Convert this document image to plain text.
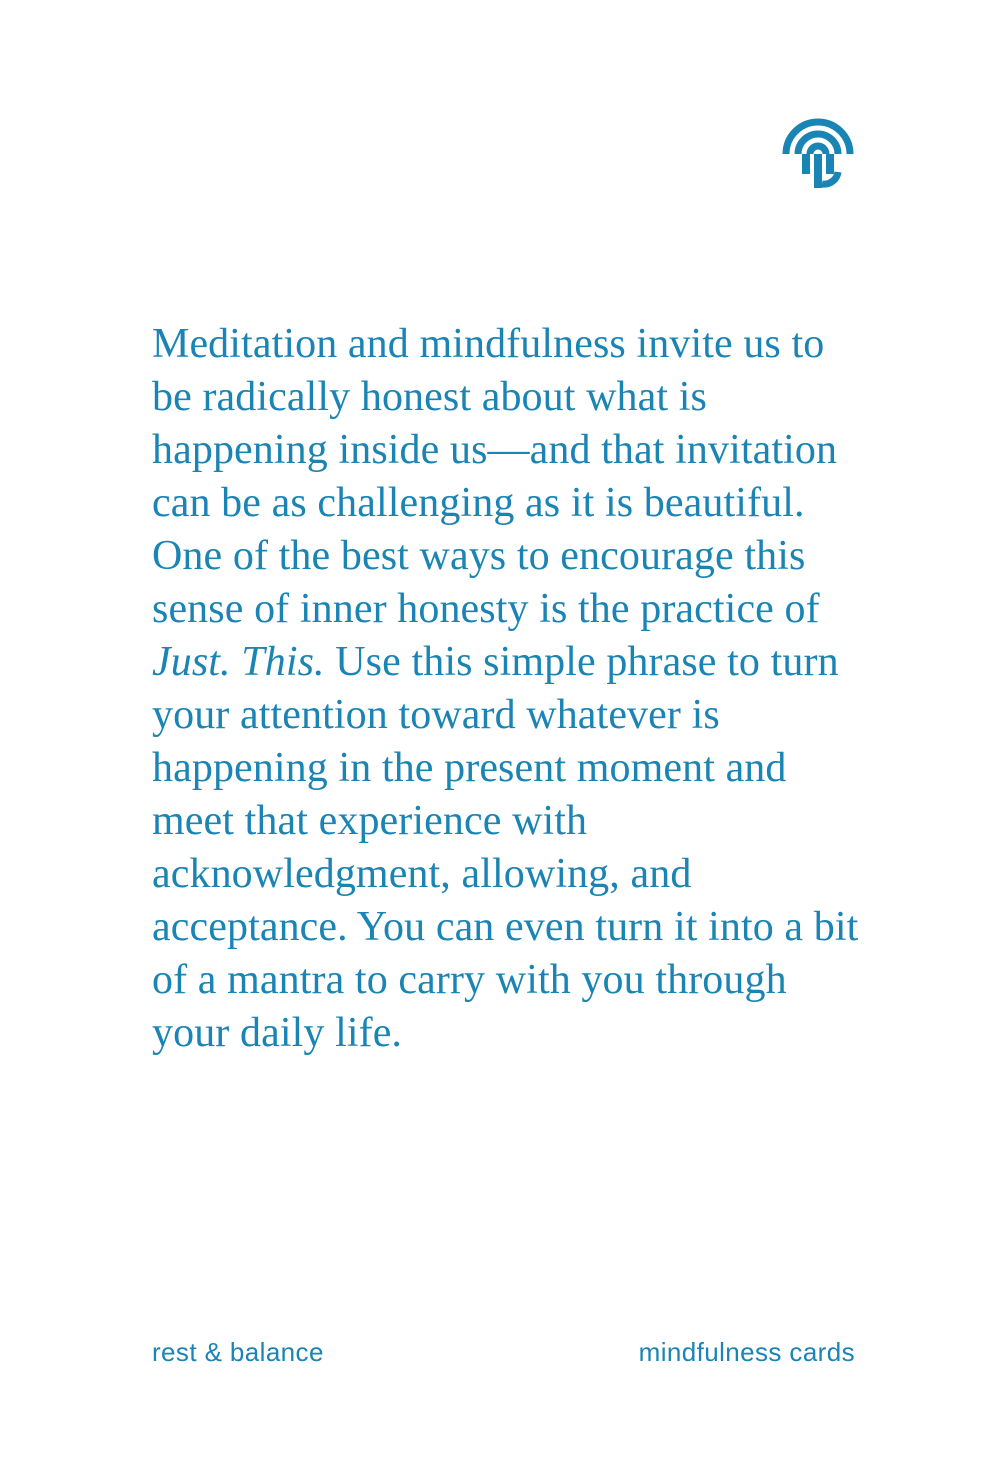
Meditation and mindfulness invite us to be radically honest about what is happening inside us—and that invitation can be as challenging as it is beautiful. One of the best ways to encourage this sense of inner honesty is the practice of Just. This. Use this simple phrase to turn your attention toward whatever is happening in the present moment and meet that experience with acknowledgment, allowing, and acceptance. You can even turn it into a bit of a mantra to carry with you through your daily life.
rest & balance	mindfulness cards
